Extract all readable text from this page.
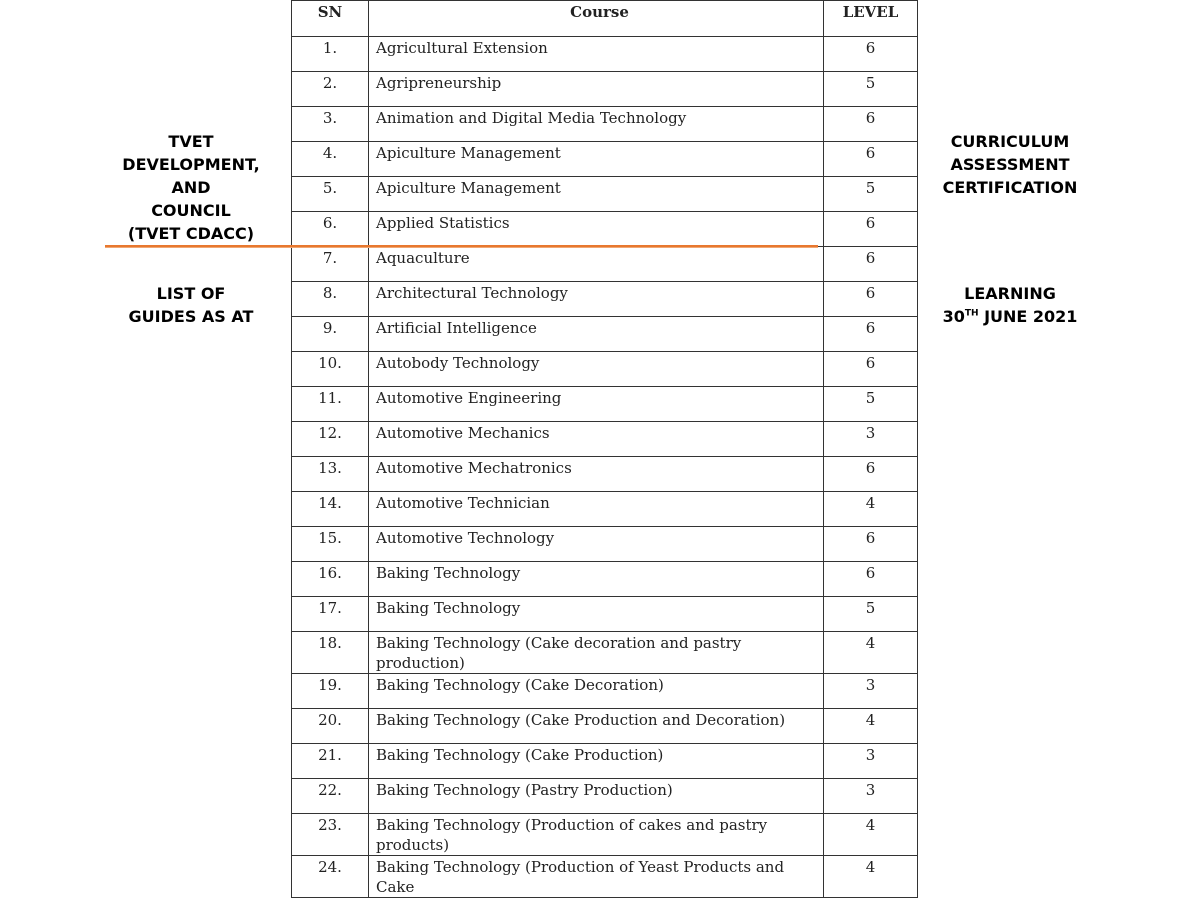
TVET
DEVELOPMENT,
AND
COUNCIL
(TVET CDACC)
LIST OF
GUIDES AS AT
CURRICULUM
ASSESSMENT
CERTIFICATION
LEARNING
30TH JUNE 2021
SN	Course	LEVEL
1.	Agricultural Extension	6
2.	Agripreneurship	5
3.	Animation and Digital Media Technology	6
4.	Apiculture Management	6
5.	Apiculture Management	5
6.	Applied Statistics	6
7.	Aquaculture	6
8.	Architectural Technology	6
9.	Artificial Intelligence	6
10.	Autobody Technology	6
11.	Automotive Engineering	5
12.	Automotive Mechanics	3
13.	Automotive Mechatronics	6
14.	Automotive Technician	4
15.	Automotive Technology	6
16.	Baking Technology	6
17.	Baking Technology	5
18.	Baking Technology (Cake decoration and pastry production)	4
19.	Baking Technology (Cake Decoration)	3
20.	Baking Technology (Cake Production and Decoration)	4
21.	Baking Technology (Cake Production)	3
22.	Baking Technology (Pastry Production)	3
23.	Baking Technology (Production of cakes and pastry products)	4
24.	Baking Technology (Production of Yeast Products and Cake	4
